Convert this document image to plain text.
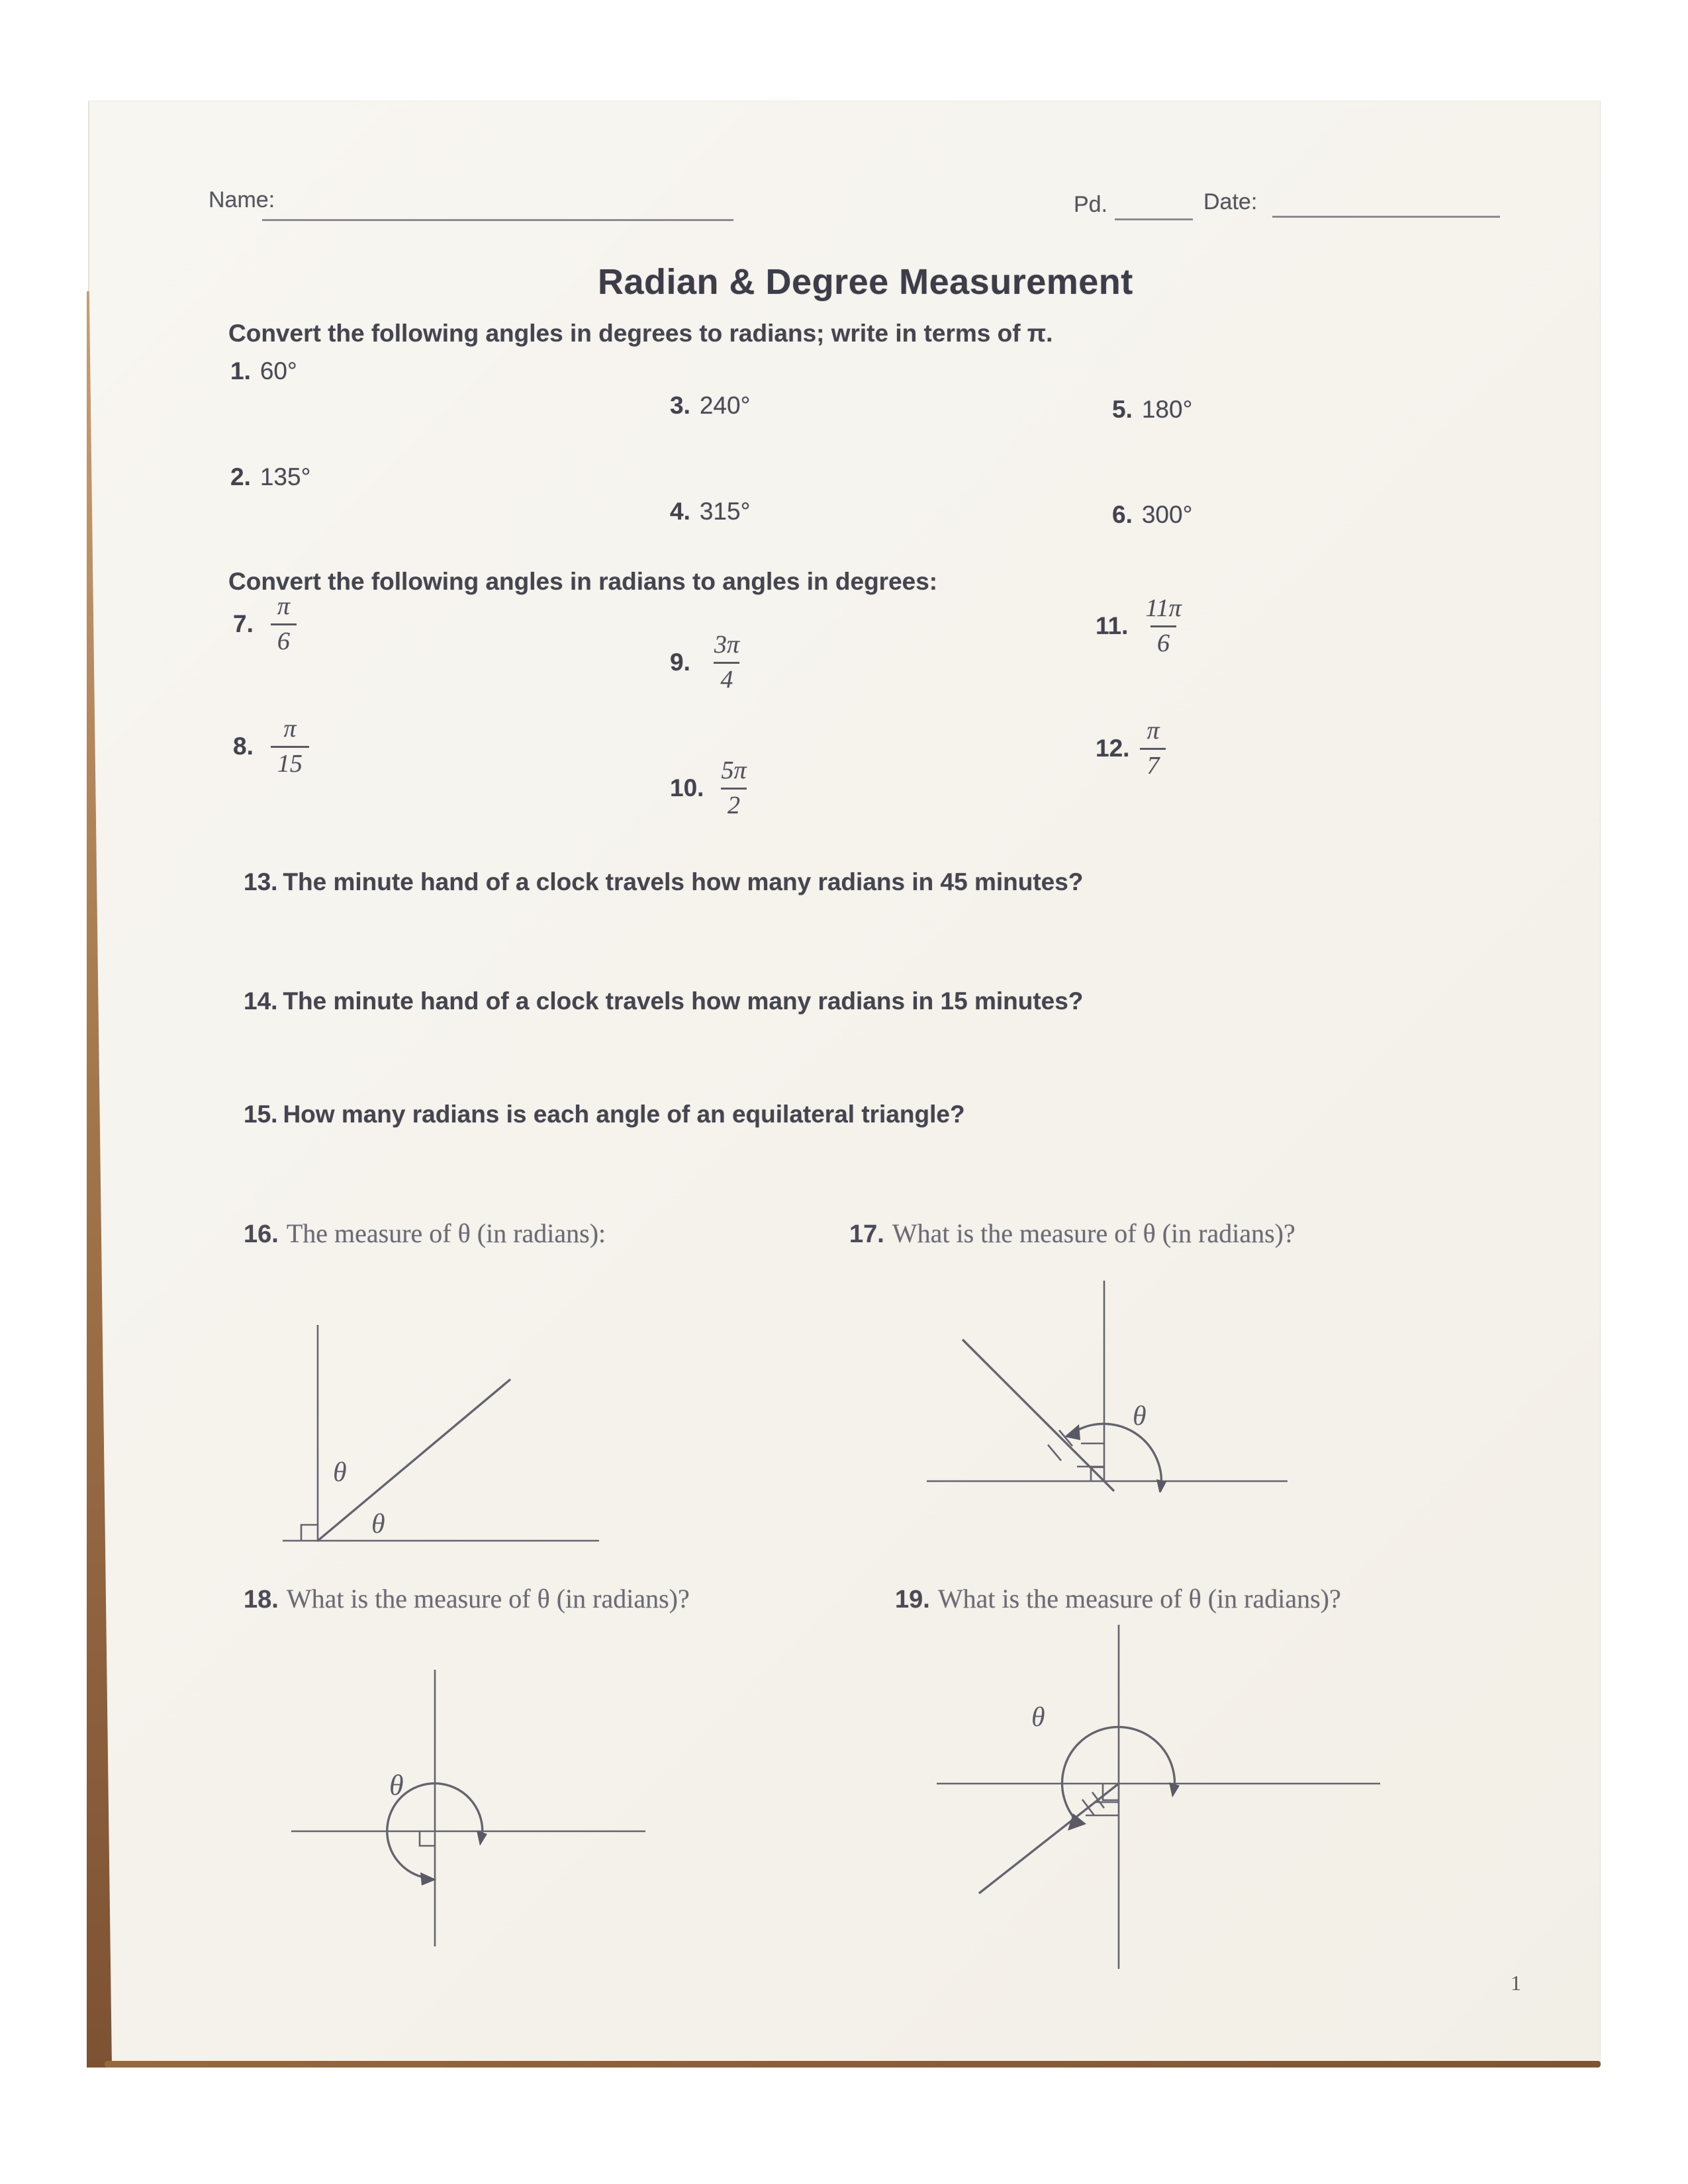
Name:	Pd.	Date:
Radian & Degree Measurement
Convert the following angles in degrees to radians; write in terms of π.
1. 60°
2. 135°
3. 240°
4. 315°
5. 180°
6. 300°
Convert the following angles in radians to angles in degrees:
7. $\frac{\pi}{6}$
8. $\frac{\pi}{15}$
9. $\frac{3\pi}{4}$
10. $\frac{5\pi}{2}$
11. $\frac{11\pi}{6}$
12. $\frac{\pi}{7}$
13. The minute hand of a clock travels how many radians in 45 minutes?
14. The minute hand of a clock travels how many radians in 15 minutes?
15. How many radians is each angle of an equilateral triangle?
16. The measure of θ (in radians):	17. What is the measure of θ (in radians)?
18. What is the measure of θ (in radians)?	19. What is the measure of θ (in radians)?
θ
θ
θ
θ
θ
1
